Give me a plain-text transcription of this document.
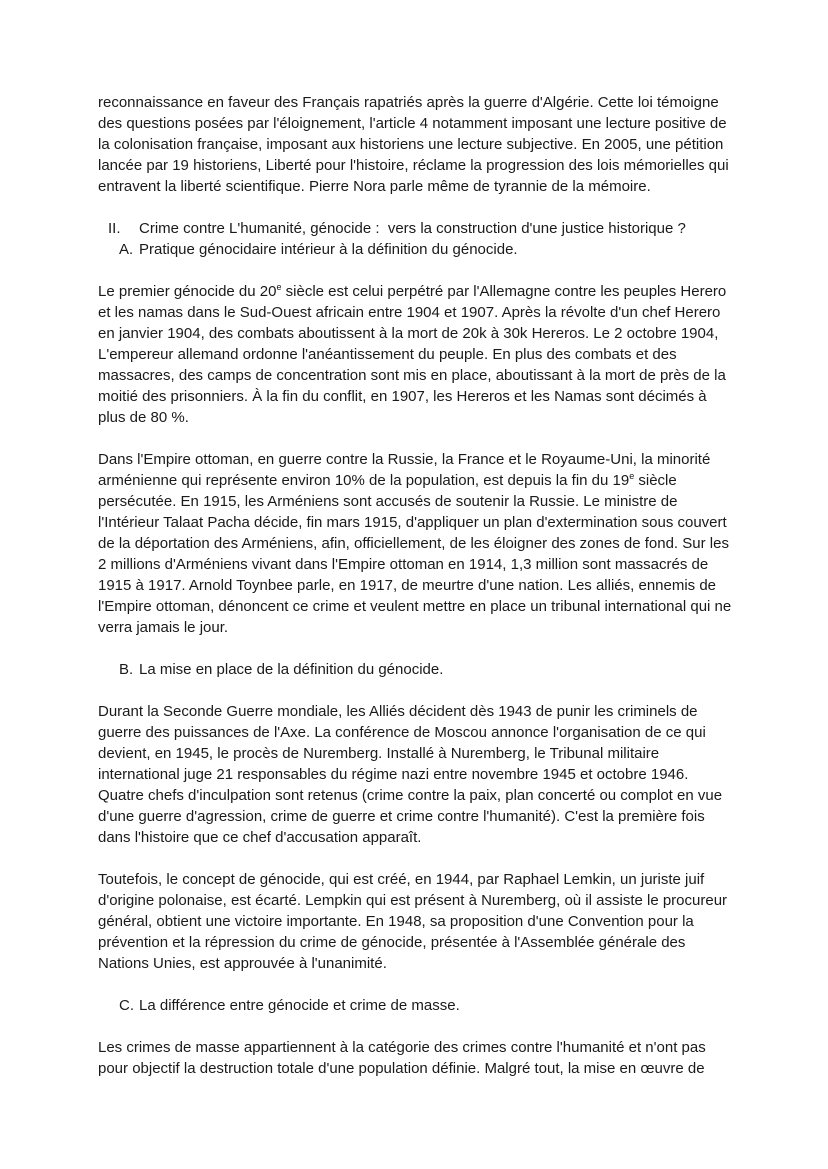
reconnaissance en faveur des Français rapatriés après la guerre d'Algérie. Cette loi témoigne des questions posées par l'éloignement, l'article 4 notamment imposant une lecture positive de la colonisation française, imposant aux historiens une lecture subjective. En 2005, une pétition lancée par 19 historiens, Liberté pour l'histoire, réclame la progression des lois mémorielles qui entravent la liberté scientifique. Pierre Nora parle même de tyrannie de la mémoire.

II.	Crime contre L'humanité, génocide :  vers la construction d'une justice historique ?
A. Pratique génocidaire intérieur à la définition du génocide.

Le premier génocide du 20e siècle est celui perpétré par l'Allemagne contre les peuples Herero et les namas dans le Sud-Ouest africain entre 1904 et 1907. Après la révolte d'un chef Herero en janvier 1904, des combats aboutissent à la mort de 20k à 30k Hereros. Le 2 octobre 1904, L'empereur allemand ordonne l'anéantissement du peuple. En plus des combats et des massacres, des camps de concentration sont mis en place, aboutissant à la mort de près de la moitié des prisonniers. À la fin du conflit, en 1907, les Hereros et les Namas sont décimés à plus de 80 %.

Dans l'Empire ottoman, en guerre contre la Russie, la France et le Royaume-Uni, la minorité arménienne qui représente environ 10% de la population, est depuis la fin du 19e siècle persécutée. En 1915, les Arméniens sont accusés de soutenir la Russie. Le ministre de l'Intérieur Talaat Pacha décide, fin mars 1915, d'appliquer un plan d'extermination sous couvert de la déportation des Arméniens, afin, officiellement, de les éloigner des zones de fond. Sur les 2 millions d'Arméniens vivant dans l'Empire ottoman en 1914, 1,3 million sont massacrés de 1915 à 1917. Arnold Toynbee parle, en 1917, de meurtre d'une nation. Les alliés, ennemis de l'Empire ottoman, dénoncent ce crime et veulent mettre en place un tribunal international qui ne verra jamais le jour.

B. La mise en place de la définition du génocide.

Durant la Seconde Guerre mondiale, les Alliés décident dès 1943 de punir les criminels de guerre des puissances de l'Axe. La conférence de Moscou annonce l'organisation de ce qui devient, en 1945, le procès de Nuremberg. Installé à Nuremberg, le Tribunal militaire international juge 21 responsables du régime nazi entre novembre 1945 et octobre 1946. Quatre chefs d'inculpation sont retenus (crime contre la paix, plan concerté ou complot en vue d'une guerre d'agression, crime de guerre et crime contre l'humanité). C'est la première fois dans l'histoire que ce chef d'accusation apparaît.

Toutefois, le concept de génocide, qui est créé, en 1944, par Raphael Lemkin, un juriste juif d'origine polonaise, est écarté. Lempkin qui est présent à Nuremberg, où il assiste le procureur général, obtient une victoire importante. En 1948, sa proposition d'une Convention pour la prévention et la répression du crime de génocide, présentée à l'Assemblée générale des Nations Unies, est approuvée à l'unanimité.

C. La différence entre génocide et crime de masse.

Les crimes de masse appartiennent à la catégorie des crimes contre l'humanité et n'ont pas pour objectif la destruction totale d'une population définie. Malgré tout, la mise en œuvre de
